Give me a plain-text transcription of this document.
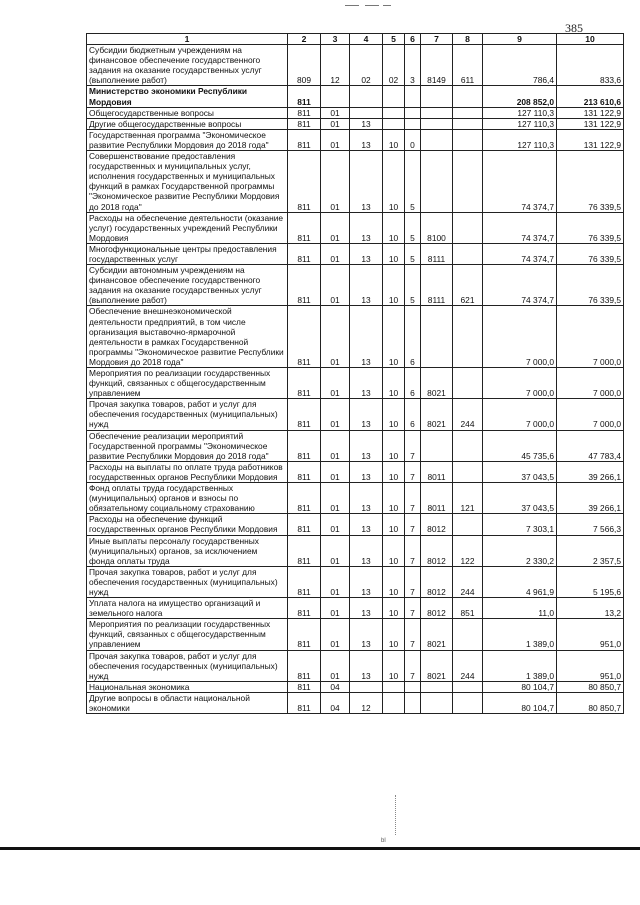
385
1	2	3	4	5	6	7	8	9	10
Субсидии бюджетным учреждениям на финансовое обеспечение государственного задания на оказание государственных услуг (выполнение работ)	809	12	02	02	3	8149	611	786,4	833,6
Министерство экономики Республики Мордовия	811							208 852,0	213 610,6
Общегосударственные вопросы	811	01						127 110,3	131 122,9
Другие общегосударственные вопросы	811	01	13					127 110,3	131 122,9
Государственная программа "Экономическое развитие Республики Мордовия до 2018 года"	811	01	13	10	0			127 110,3	131 122,9
Совершенствование предоставления государственных и муниципальных услуг, исполнения государственных и муниципальных функций в рамках Государственной программы "Экономическое развитие Республики Мордовия до 2018 года"	811	01	13	10	5			74 374,7	76 339,5
Расходы на обеспечение деятельности (оказание услуг) государственных учреждений Республики Мордовия	811	01	13	10	5	8100		74 374,7	76 339,5
Многофункциональные центры предоставления государственных услуг	811	01	13	10	5	8111		74 374,7	76 339,5
Субсидии автономным учреждениям на финансовое обеспечение государственного задания на оказание государственных услуг (выполнение работ)	811	01	13	10	5	8111	621	74 374,7	76 339,5
Обеспечение внешнеэкономической деятельности предприятий, в том числе организация выставочно-ярмарочной деятельности в рамках Государственной программы "Экономическое развитие Республики Мордовия до 2018 года"	811	01	13	10	6			7 000,0	7 000,0
Мероприятия по реализации государственных функций, связанных с общегосударственным управлением	811	01	13	10	6	8021		7 000,0	7 000,0
Прочая закупка товаров, работ и услуг для обеспечения государственных (муниципальных) нужд	811	01	13	10	6	8021	244	7 000,0	7 000,0
Обеспечение реализации мероприятий Государственной программы "Экономическое развитие Республики Мордовия до 2018 года"	811	01	13	10	7			45 735,6	47 783,4
Расходы на выплаты по оплате труда работников государственных органов Республики Мордовия	811	01	13	10	7	8011		37 043,5	39 266,1
Фонд оплаты труда государственных (муниципальных) органов и взносы по обязательному социальному страхованию	811	01	13	10	7	8011	121	37 043,5	39 266,1
Расходы на обеспечение функций государственных органов Республики Мордовия	811	01	13	10	7	8012		7 303,1	7 566,3
Иные выплаты персоналу государственных (муниципальных) органов, за исключением фонда оплаты труда	811	01	13	10	7	8012	122	2 330,2	2 357,5
Прочая закупка товаров, работ и услуг для обеспечения государственных (муниципальных) нужд	811	01	13	10	7	8012	244	4 961,9	5 195,6
Уплата налога на имущество организаций и земельного налога	811	01	13	10	7	8012	851	11,0	13,2
Мероприятия по реализации государственных функций, связанных с общегосударственным управлением	811	01	13	10	7	8021		1 389,0	951,0
Прочая закупка товаров, работ и услуг для обеспечения государственных (муниципальных) нужд	811	01	13	10	7	8021	244	1 389,0	951,0
Национальная экономика	811	04						80 104,7	80 850,7
Другие вопросы в области национальной экономики	811	04	12					80 104,7	80 850,7
bl
